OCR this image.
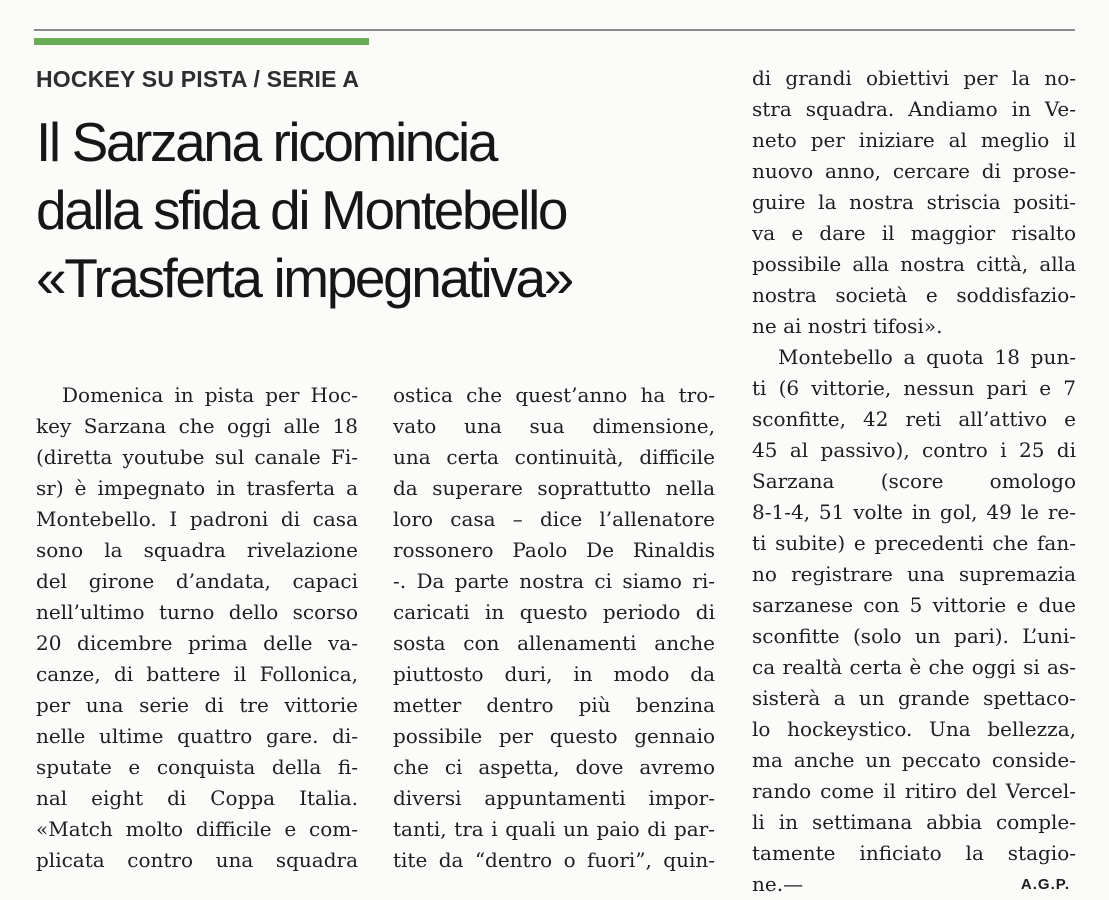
HOCKEY SU PISTA / SERIE A
Il Sarzana ricomincia
dalla sfida di Montebello
«Trasferta impegnativa»
Domenica in pista per Hoc-
key Sarzana che oggi alle 18
(diretta youtube sul canale Fi-
sr) è impegnato in trasferta a
Montebello. I padroni di casa
sono la squadra rivelazione
del girone d’andata, capaci
nell’ultimo turno dello scorso
20 dicembre prima delle va-
canze, di battere il Follonica,
per una serie di tre vittorie
nelle ultime quattro gare. di-
sputate e conquista della fi-
nal eight di Coppa Italia.
«Match molto difficile e com-
plicata contro una squadra
ostica che quest’anno ha tro-
vato una sua dimensione,
una certa continuità, difficile
da superare soprattutto nella
loro casa – dice l’allenatore
rossonero Paolo De Rinaldis
-. Da parte nostra ci siamo ri-
caricati in questo periodo di
sosta con allenamenti anche
piuttosto duri, in modo da
metter dentro più benzina
possibile per questo gennaio
che ci aspetta, dove avremo
diversi appuntamenti impor-
tanti, tra i quali un paio di par-
tite da “dentro o fuori”, quin-
di grandi obiettivi per la no-
stra squadra. Andiamo in Ve-
neto per iniziare al meglio il
nuovo anno, cercare di prose-
guire la nostra striscia positi-
va e dare il maggior risalto
possibile alla nostra città, alla
nostra società e soddisfazio-
ne ai nostri tifosi».
Montebello a quota 18 pun-
ti (6 vittorie, nessun pari e 7
sconfitte, 42 reti all’attivo e
45 al passivo), contro i 25 di
Sarzana (score omologo
8-1-4, 51 volte in gol, 49 le re-
ti subite) e precedenti che fan-
no registrare una supremazia
sarzanese con 5 vittorie e due
sconfitte (solo un pari). L’uni-
ca realtà certa è che oggi si as-
sisterà a un grande spettaco-
lo hockeystico. Una bellezza,
ma anche un peccato conside-
rando come il ritiro del Vercel-
li in settimana abbia comple-
tamente inficiato la stagio-
ne.—	A.G.P.
